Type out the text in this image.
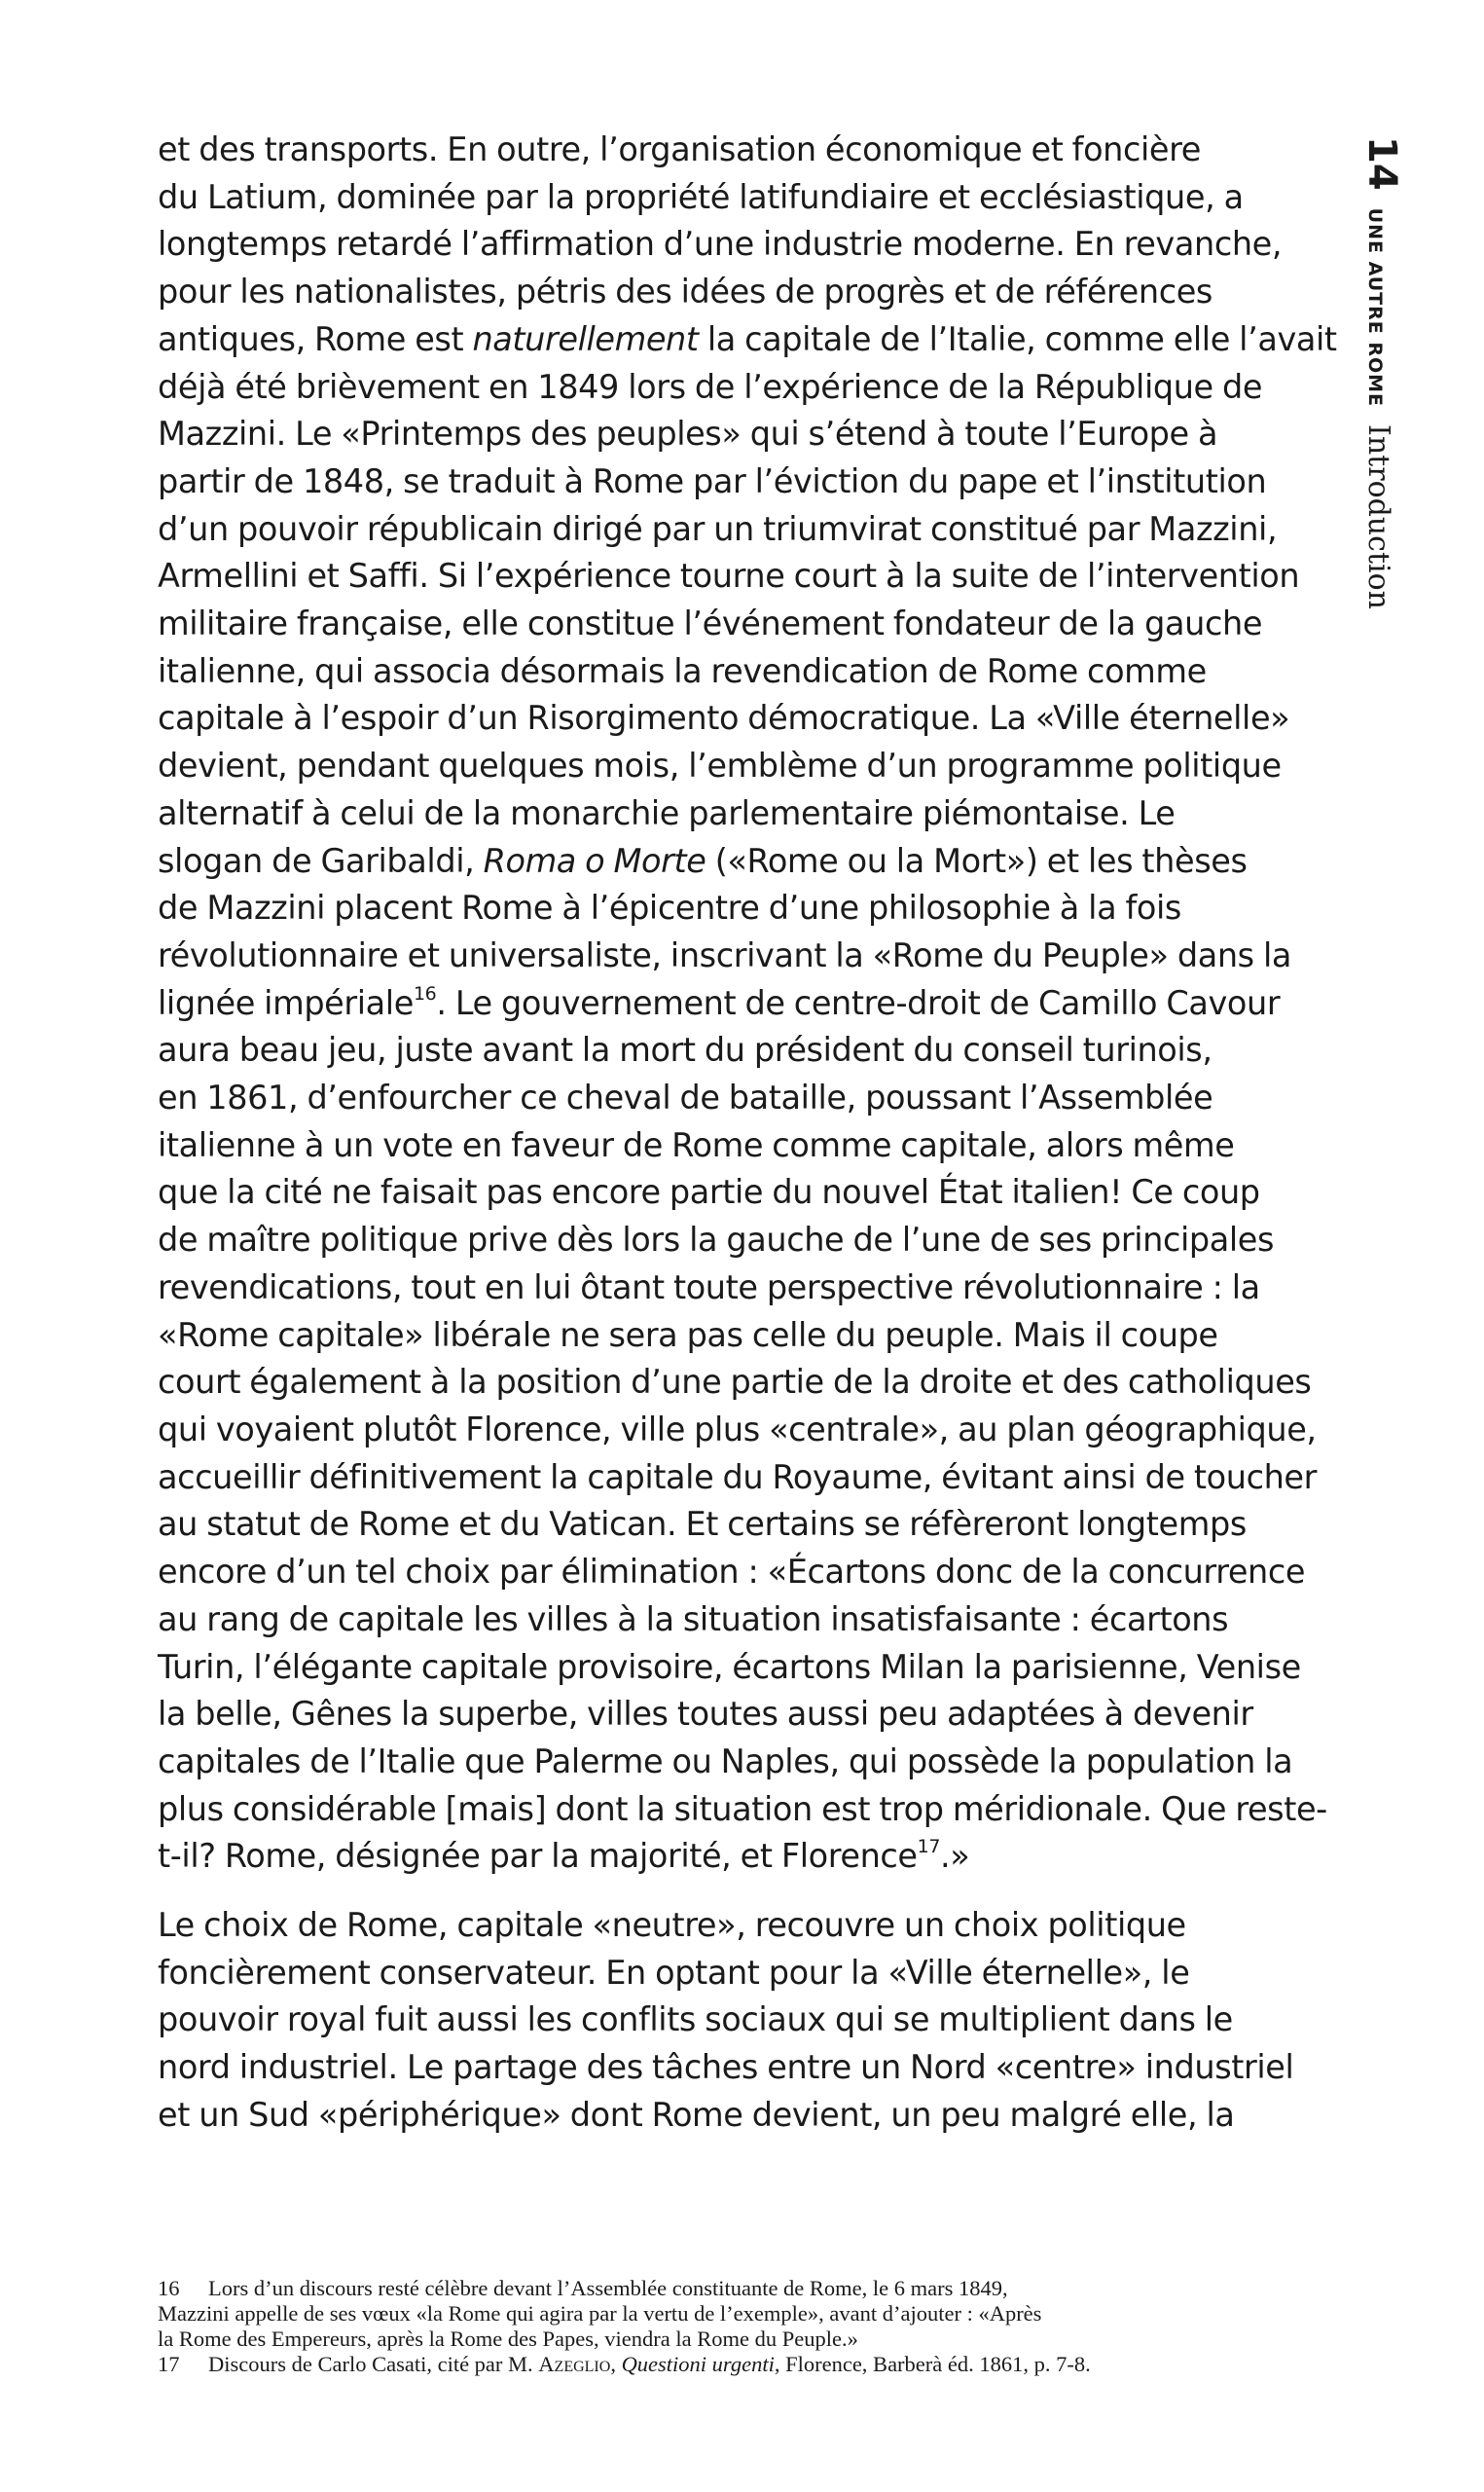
14
UNE AUTRE ROME
Introduction

et des transports. En outre, l’organisation économique et foncière
du Latium, dominée par la propriété latifundiaire et ecclésiastique, a
longtemps retardé l’affirmation d’une industrie moderne. En revanche,
pour les nationalistes, pétris des idées de progrès et de références
antiques, Rome est naturellement la capitale de l’Italie, comme elle l’avait
déjà été brièvement en 1849 lors de l’expérience de la République de
Mazzini. Le «Printemps des peuples» qui s’étend à toute l’Europe à
partir de 1848, se traduit à Rome par l’éviction du pape et l’institution
d’un pouvoir républicain dirigé par un triumvirat constitué par Mazzini,
Armellini et Saffi. Si l’expérience tourne court à la suite de l’intervention
militaire française, elle constitue l’événement fondateur de la gauche
italienne, qui associa désormais la revendication de Rome comme
capitale à l’espoir d’un Risorgimento démocratique. La «Ville éternelle»
devient, pendant quelques mois, l’emblème d’un programme politique
alternatif à celui de la monarchie parlementaire piémontaise. Le
slogan de Garibaldi, Roma o Morte («Rome ou la Mort») et les thèses
de Mazzini placent Rome à l’épicentre d’une philosophie à la fois
révolutionnaire et universaliste, inscrivant la «Rome du Peuple» dans la
lignée impériale$^{16}$. Le gouvernement de centre-droit de Camillo Cavour
aura beau jeu, juste avant la mort du président du conseil turinois,
en 1861, d’enfourcher ce cheval de bataille, poussant l’Assemblée
italienne à un vote en faveur de Rome comme capitale, alors même
que la cité ne faisait pas encore partie du nouvel État italien! Ce coup
de maître politique prive dès lors la gauche de l’une de ses principales
revendications, tout en lui ôtant toute perspective révolutionnaire : la
«Rome capitale» libérale ne sera pas celle du peuple. Mais il coupe
court également à la position d’une partie de la droite et des catholiques
qui voyaient plutôt Florence, ville plus «centrale», au plan géographique,
accueillir définitivement la capitale du Royaume, évitant ainsi de toucher
au statut de Rome et du Vatican. Et certains se réfèreront longtemps
encore d’un tel choix par élimination : «Écartons donc de la concurrence
au rang de capitale les villes à la situation insatisfaisante : écartons
Turin, l’élégante capitale provisoire, écartons Milan la parisienne, Venise
la belle, Gênes la superbe, villes toutes aussi peu adaptées à devenir
capitales de l’Italie que Palerme ou Naples, qui possède la population la
plus considérable [mais] dont la situation est trop méridionale. Que reste-
t-il? Rome, désignée par la majorité, et Florence$^{17}$.»

Le choix de Rome, capitale «neutre», recouvre un choix politique
foncièrement conservateur. En optant pour la «Ville éternelle», le
pouvoir royal fuit aussi les conflits sociaux qui se multiplient dans le
nord industriel. Le partage des tâches entre un Nord «centre» industriel
et un Sud «périphérique» dont Rome devient, un peu malgré elle, la

16 Lors d’un discours resté célèbre devant l’Assemblée constituante de Rome, le 6 mars 1849,
Mazzini appelle de ses vœux «la Rome qui agira par la vertu de l’exemple», avant d’ajouter : «Après
la Rome des Empereurs, après la Rome des Papes, viendra la Rome du Peuple.»
17 Discours de Carlo Casati, cité par M. Azeglio, Questioni urgenti, Florence, Barberà éd. 1861, p. 7-8.
